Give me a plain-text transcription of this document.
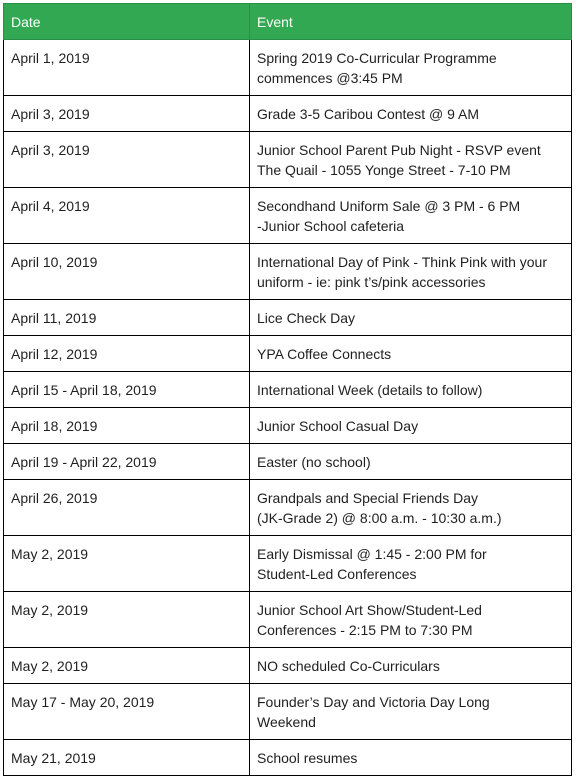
Date	Event
April 1, 2019	Spring 2019 Co-Curricular Programme
commences @3:45 PM

April 3, 2019	Grade 3-5 Caribou Contest @ 9 AM

April 3, 2019	Junior School Parent Pub Night - RSVP event
The Quail - 1055 Yonge Street - 7-10 PM

April 4, 2019	Secondhand Uniform Sale @ 3 PM - 6 PM
-Junior School cafeteria

April 10, 2019	International Day of Pink - Think Pink with your
uniform - ie: pink t’s/pink accessories

April 11, 2019	Lice Check Day

April 12, 2019	YPA Coffee Connects

April 15 - April 18, 2019	International Week (details to follow)

April 18, 2019	Junior School Casual Day

April 19 - April 22, 2019	Easter (no school)

April 26, 2019	Grandpals and Special Friends Day
(JK-Grade 2) @ 8:00 a.m. - 10:30 a.m.)

May 2, 2019	Early Dismissal @ 1:45 - 2:00 PM for
Student-Led Conferences

May 2, 2019	Junior School Art Show/Student-Led
Conferences - 2:15 PM to 7:30 PM

May 2, 2019	NO scheduled Co-Curriculars

May 17 - May 20, 2019	Founder’s Day and Victoria Day Long
Weekend

May 21, 2019	School resumes
